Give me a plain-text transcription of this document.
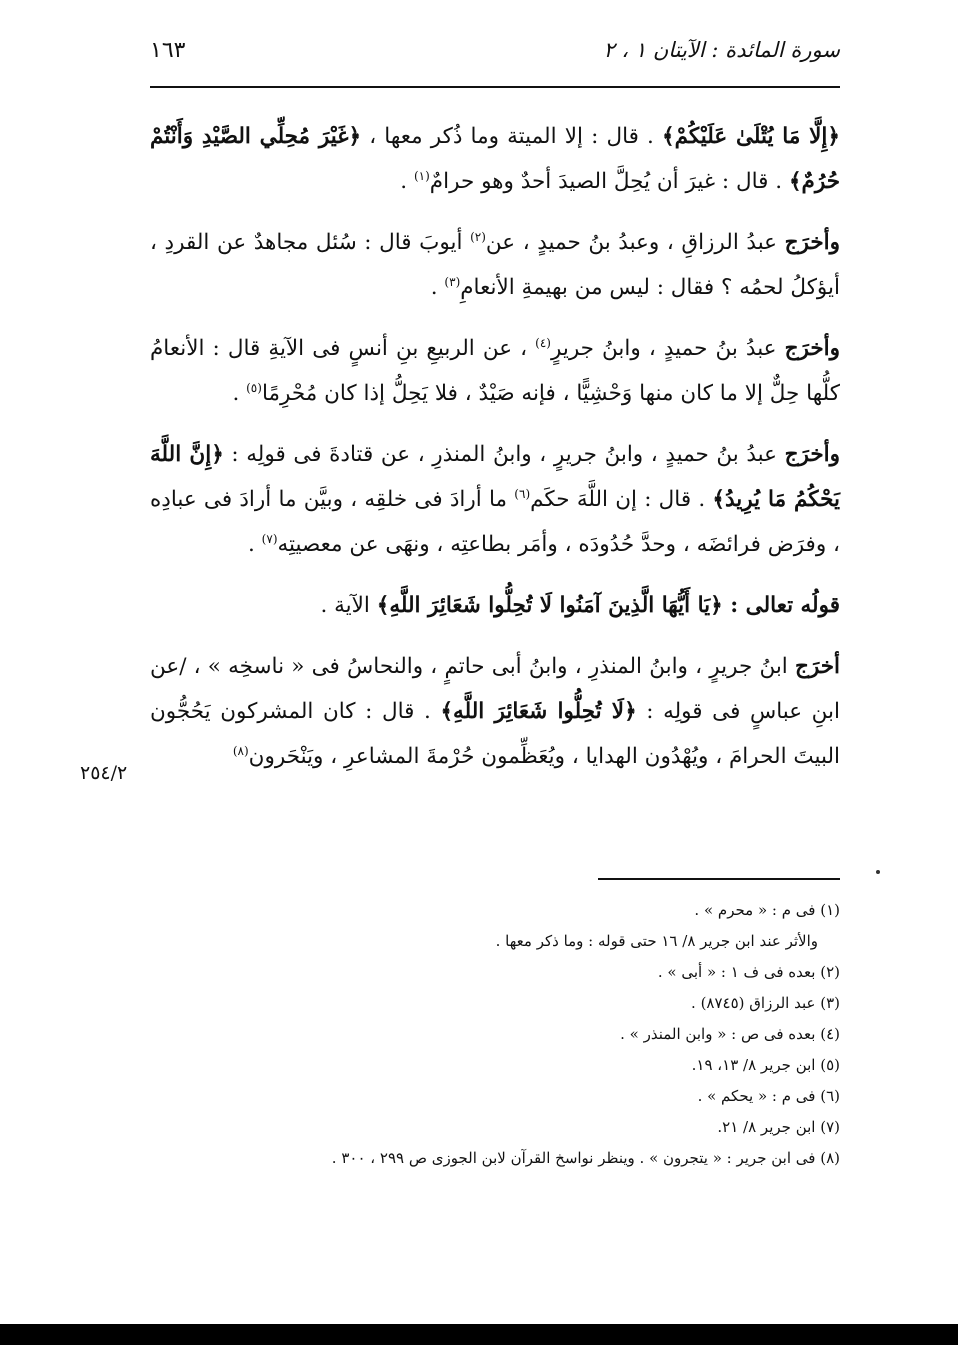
سورة المائدة : الآيتان ١ ، ٢
١٦٣

﴿إِلَّا مَا يُتْلَىٰ عَلَيْكُمْ﴾ . قال : إلا الميتة وما ذُكر معها ، ﴿غَيْرَ مُحِلِّي الصَّيْدِ وَأَنْتُمْ حُرُمٌ﴾ . قال : غيرَ أن يُحِلَّ الصيدَ أحدٌ وهو حرامٌ$^{(١)}$ .

وأخرَج عبدُ الرزاقِ ، وعبدُ بنُ حميدٍ ، عن$^{(٢)}$ أيوبَ قال : سُئل مجاهدٌ عن القردِ ، أيؤكلُ لحمُه ؟ فقال : ليس من بهيمةِ الأنعامِ$^{(٣)}$ .

وأخرَج عبدُ بنُ حميدٍ ، وابنُ جريرٍ$^{(٤)}$ ، عن الربيعِ بنِ أنسٍ فى الآيةِ قال : الأنعامُ كلُّها حِلٌّ إلا ما كان منها وَحْشِيًّا ، فإنه صَيْدٌ ، فلا يَحِلُّ إذا كان مُحْرِمًا$^{(٥)}$ .

وأخرَج عبدُ بنُ حميدٍ ، وابنُ جريرٍ ، وابنُ المنذرِ ، عن قتادةَ فى قولِه : ﴿إِنَّ اللَّهَ يَحْكُمُ مَا يُرِيدُ﴾ . قال : إن اللَّهَ حكَم$^{(٦)}$ ما أرادَ فى خلقِه ، وبيَّن ما أرادَ فى عبادِه ، وفرَض فرائضَه ، وحدَّ حُدُودَه ، وأمَر بطاعتِه ، ونهَى عن معصيتِه$^{(٧)}$ .

قولُه تعالى : ﴿يَا أَيُّهَا الَّذِينَ آمَنُوا لَا تُحِلُّوا شَعَائِرَ اللَّهِ﴾ الآية .

أخرَج ابنُ جريرٍ ، وابنُ المنذرِ ، وابنُ أبى حاتمٍ ، والنحاسُ فى « ناسخِه » ، /عن ابنِ عباسٍ فى قولِه : ﴿لَا تُحِلُّوا شَعَائِرَ اللَّهِ﴾ . قال : كان المشركون يَحُجُّون البيتَ الحرامَ ، ويُهْدُون الهدايا ، ويُعَظِّمون حُرْمةَ المشاعرِ ، ويَنْحَرون$^{(٨)}$

٢٥٤/٢
(١) فى م : « محرم » .
والأثر عند ابن جرير ٨/ ١٦ حتى قوله : وما ذكر معها .
(٢) بعده فى ف ١ : « أبى » .
(٣) عبد الرزاق (٨٧٤٥) .
(٤) بعده فى ص : « وابن المنذر » .
(٥) ابن جرير ٨/ ١٣، ١٩.
(٦) فى م : « يحكم » .
(٧) ابن جرير ٨/ ٢١.
(٨) فى ابن جرير : « يتجرون » . وينظر نواسخ القرآن لابن الجوزى ص ٢٩٩ ، ٣٠٠ .
